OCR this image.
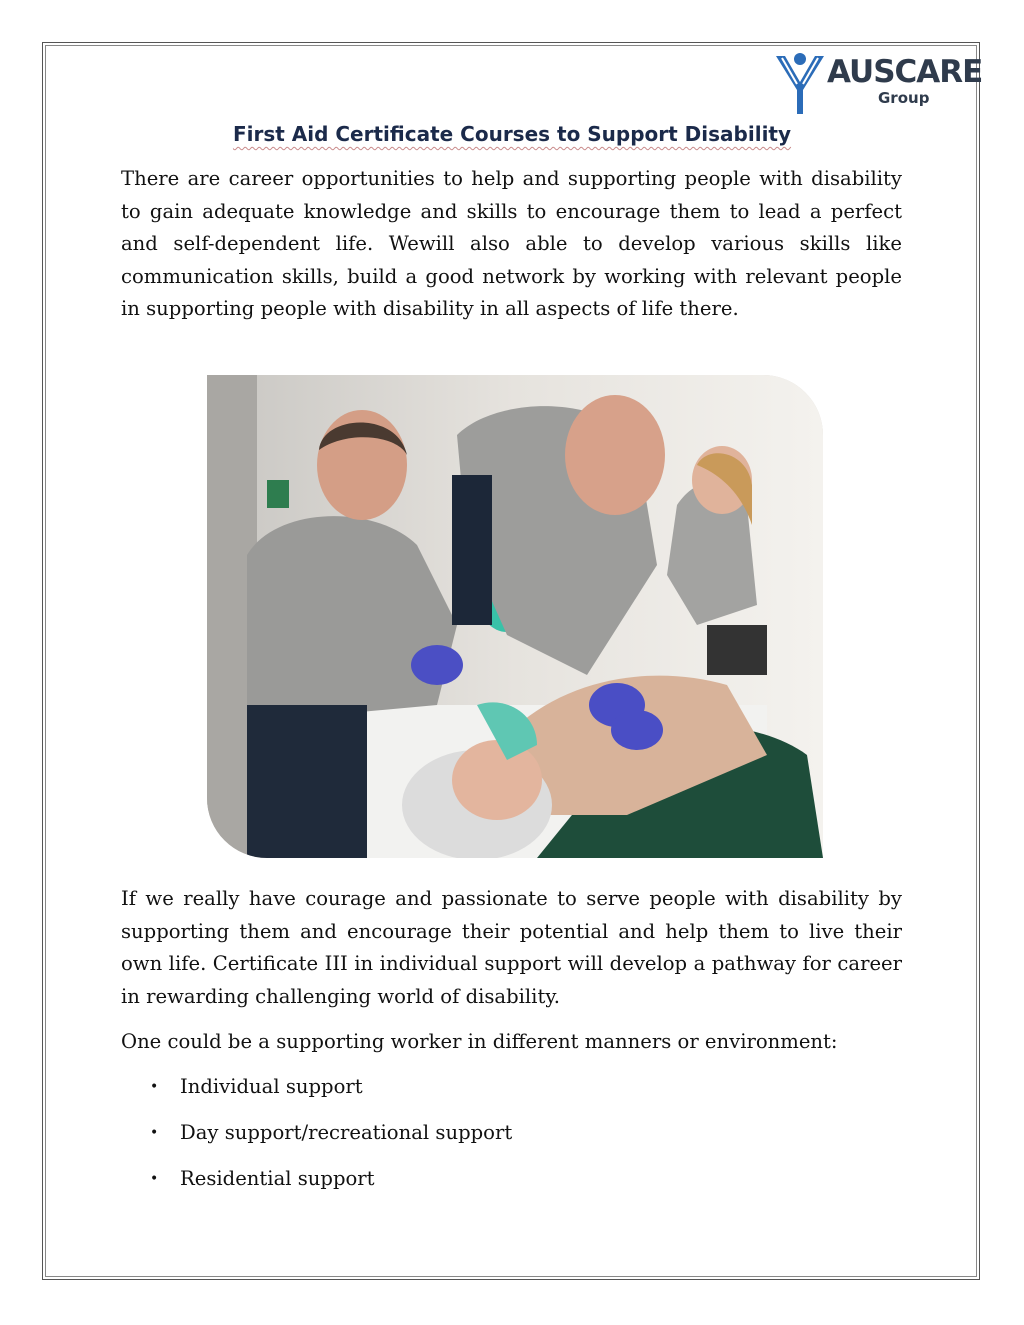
AUSCARE
Group
First Aid Certificate Courses to Support Disability

There are career opportunities to help and supporting people with disability to gain adequate knowledge and skills to encourage them to lead a perfect and self-dependent life. Wewill also able to develop various skills like communication skills, build a good network by working with relevant people in supporting people with disability in all aspects of life there.

If we really have courage and passionate to serve people with disability by supporting them and encourage their potential and help them to live their own life. Certificate III in individual support will develop a pathway for career in rewarding challenging world of disability.

One could be a supporting worker in different manners or environment:

• Individual support
• Day support/recreational support
• Residential support
